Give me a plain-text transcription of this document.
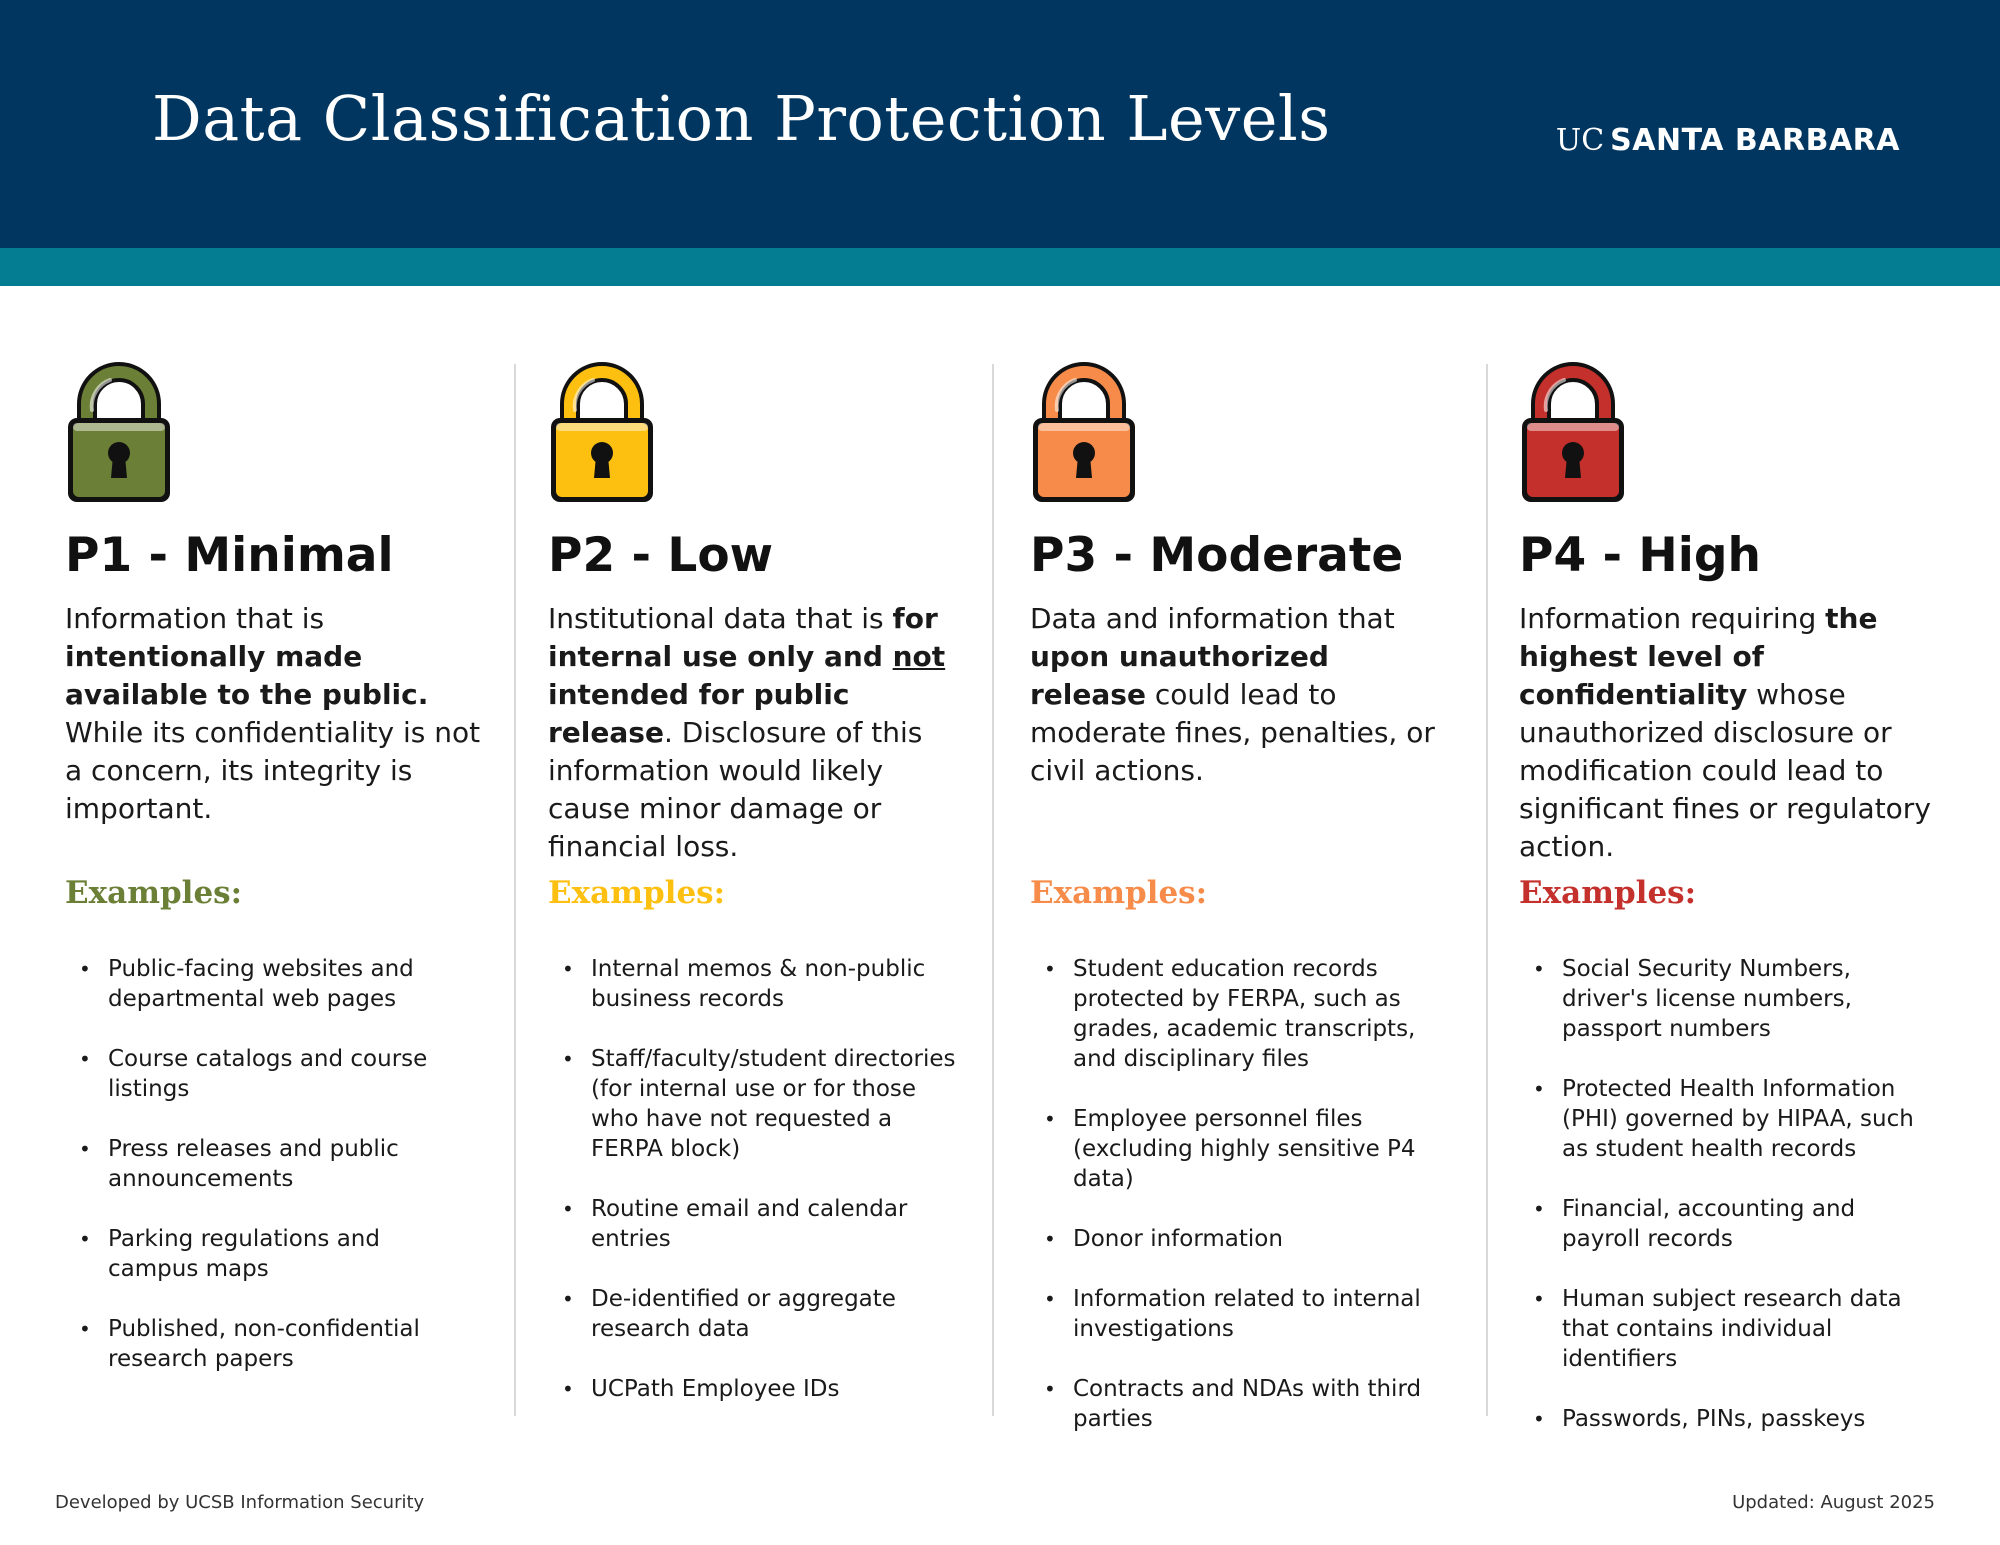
Data Classification Protection Levels	UC SANTA BARBARA
P1 - Minimal

Information that is intentionally made available to the public. While its confidentiality is not a concern, its integrity is important.

Examples:
• Public-facing websites and departmental web pages
• Course catalogs and course listings
• Press releases and public announcements
• Parking regulations and campus maps
• Published, non-confidential research papers
P2 - Low

Institutional data that is for internal use only and not intended for public release. Disclosure of this information would likely cause minor damage or financial loss.

Examples:
• Internal memos & non-public business records
• Staff/faculty/student directories (for internal use or for those who have not requested a FERPA block)
• Routine email and calendar entries
• De-identified or aggregate research data
• UCPath Employee IDs
P3 - Moderate

Data and information that upon unauthorized release could lead to moderate fines, penalties, or civil actions.

Examples:
• Student education records protected by FERPA, such as grades, academic transcripts, and disciplinary files
• Employee personnel files (excluding highly sensitive P4 data)
• Donor information
• Information related to internal investigations
• Contracts and NDAs with third parties
P4 - High

Information requiring the highest level of confidentiality whose unauthorized disclosure or modification could lead to significant fines or regulatory action.

Examples:
• Social Security Numbers, driver's license numbers, passport numbers
• Protected Health Information (PHI) governed by HIPAA, such as student health records
• Financial, accounting and payroll records
• Human subject research data that contains individual identifiers
• Passwords, PINs, passkeys
Developed by UCSB Information Security	Updated: August 2025
